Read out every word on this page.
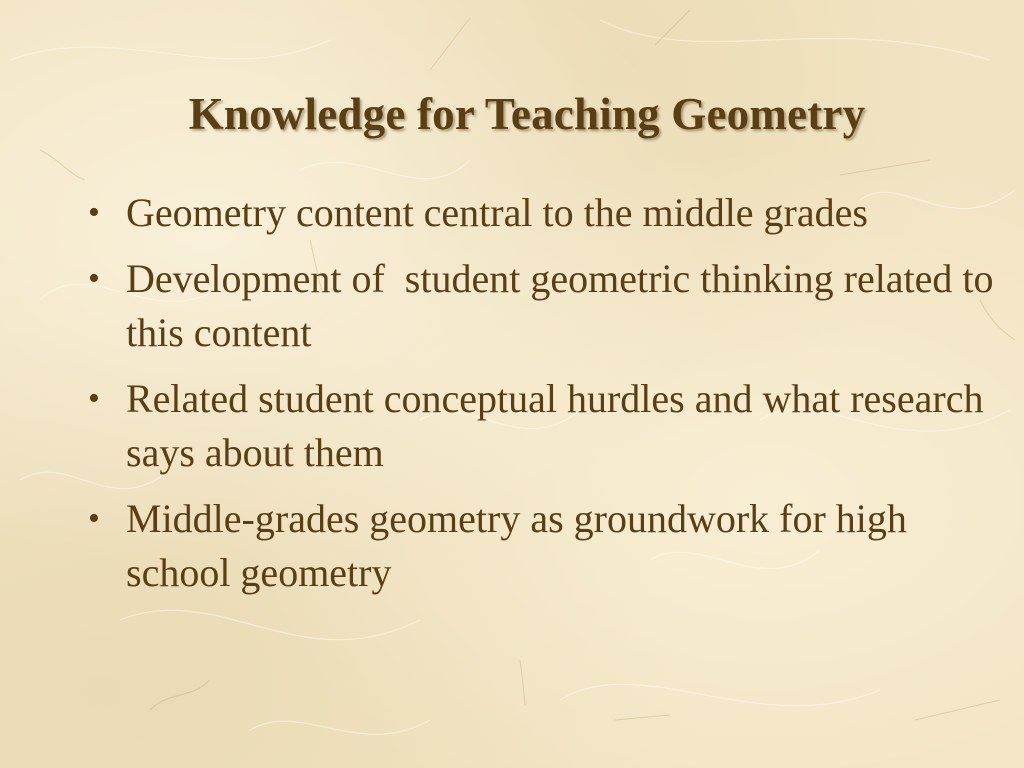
Knowledge for Teaching Geometry
• Geometry content central to the middle grades
• Development of  student geometric thinking related to this content
• Related student conceptual hurdles and what research says about them
• Middle-grades geometry as groundwork for high school geometry
